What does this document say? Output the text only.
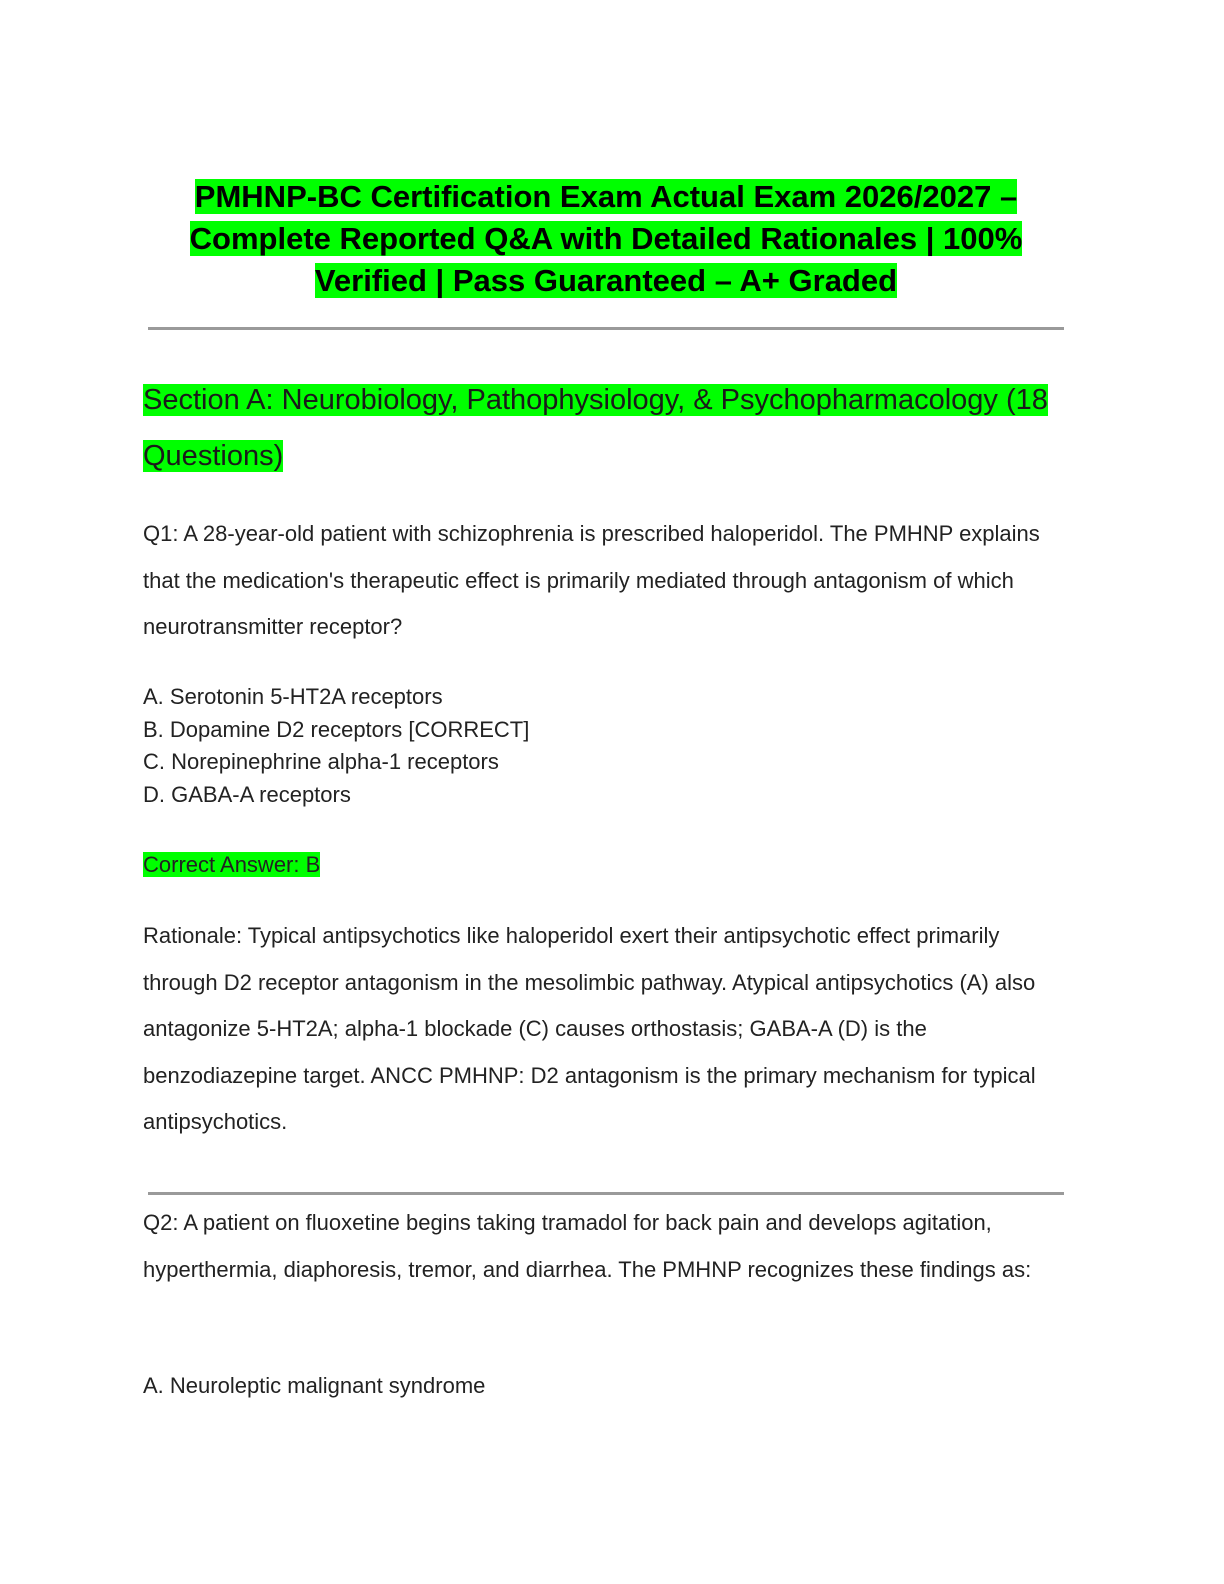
PMHNP-BC Certification Exam Actual Exam 2026/2027 – Complete Reported Q&A with Detailed Rationales | 100% Verified | Pass Guaranteed – A+ Graded
Section A: Neurobiology, Pathophysiology, & Psychopharmacology (18 Questions)

Q1: A 28-year-old patient with schizophrenia is prescribed haloperidol. The PMHNP explains that the medication's therapeutic effect is primarily mediated through antagonism of which neurotransmitter receptor?

A. Serotonin 5-HT2A receptors
B. Dopamine D2 receptors [CORRECT]
C. Norepinephrine alpha-1 receptors
D. GABA-A receptors
Correct Answer: B

Rationale: Typical antipsychotics like haloperidol exert their antipsychotic effect primarily through D2 receptor antagonism in the mesolimbic pathway. Atypical antipsychotics (A) also antagonize 5-HT2A; alpha-1 blockade (C) causes orthostasis; GABA-A (D) is the benzodiazepine target. ANCC PMHNP: D2 antagonism is the primary mechanism for typical antipsychotics.

Q2: A patient on fluoxetine begins taking tramadol for back pain and develops agitation, hyperthermia, diaphoresis, tremor, and diarrhea. The PMHNP recognizes these findings as:

A. Neuroleptic malignant syndrome
